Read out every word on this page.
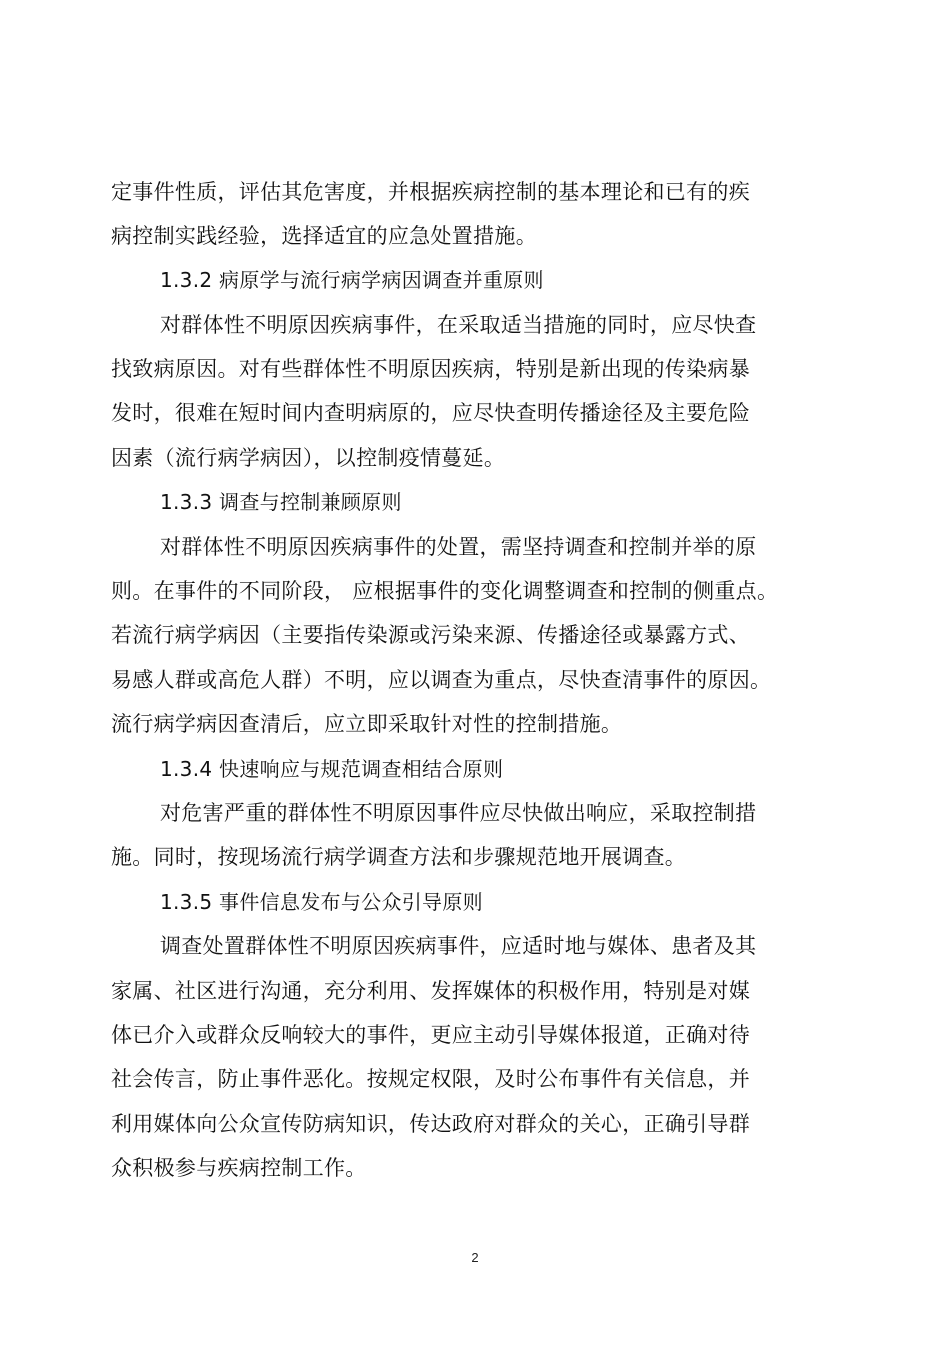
定事件性质，评估其危害度，并根据疾病控制的基本理论和已有的疾
病控制实践经验，选择适宜的应急处置措施。
1.3.2 病原学与流行病学病因调查并重原则
对群体性不明原因疾病事件，在采取适当措施的同时，应尽快查
找致病原因。对有些群体性不明原因疾病，特别是新出现的传染病暴
发时，很难在短时间内查明病原的，应尽快查明传播途径及主要危险
因素（流行病学病因），以控制疫情蔓延。
1.3.3 调查与控制兼顾原则
对群体性不明原因疾病事件的处置，需坚持调查和控制并举的原
则。在事件的不同阶段， 应根据事件的变化调整调查和控制的侧重点。
若流行病学病因（主要指传染源或污染来源、传播途径或暴露方式、
易感人群或高危人群）不明，应以调查为重点，尽快查清事件的原因。
流行病学病因查清后，应立即采取针对性的控制措施。
1.3.4 快速响应与规范调查相结合原则
对危害严重的群体性不明原因事件应尽快做出响应，采取控制措
施。同时，按现场流行病学调查方法和步骤规范地开展调查。
1.3.5 事件信息发布与公众引导原则
调查处置群体性不明原因疾病事件，应适时地与媒体、患者及其
家属、社区进行沟通，充分利用、发挥媒体的积极作用，特别是对媒
体已介入或群众反响较大的事件，更应主动引导媒体报道，正确对待
社会传言，防止事件恶化。按规定权限，及时公布事件有关信息，并
利用媒体向公众宣传防病知识，传达政府对群众的关心，正确引导群
众积极参与疾病控制工作。
2
